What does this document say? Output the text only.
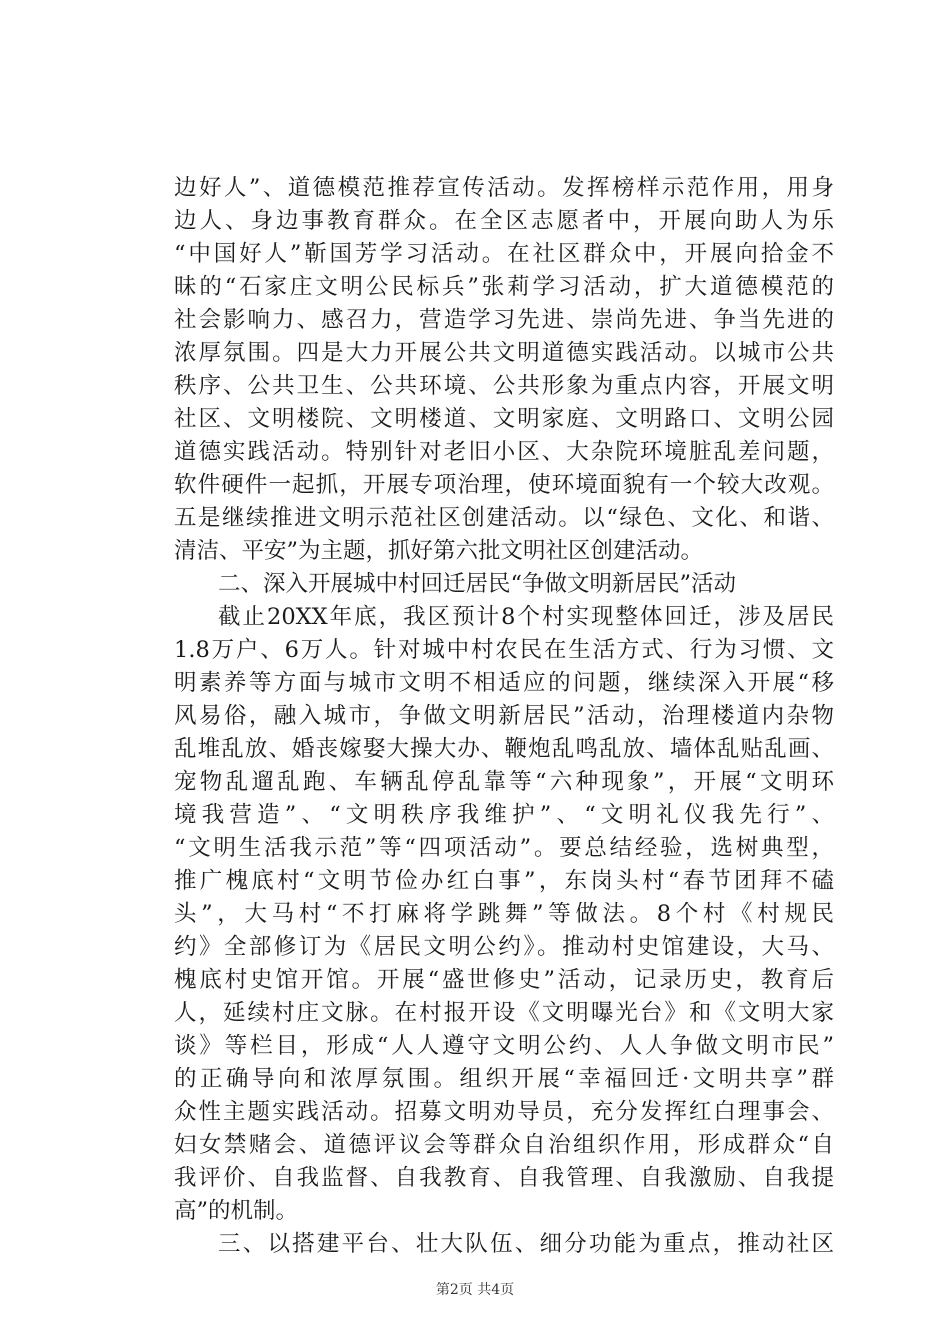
边好人”、道德模范推荐宣传活动。发挥榜样示范作用，用身
边人、身边事教育群众。在全区志愿者中，开展向助人为乐
“中国好人”靳国芳学习活动。在社区群众中，开展向拾金不
昧的“石家庄文明公民标兵”张莉学习活动，扩大道德模范的
社会影响力、感召力，营造学习先进、崇尚先进、争当先进的
浓厚氛围。四是大力开展公共文明道德实践活动。以城市公共
秩序、公共卫生、公共环境、公共形象为重点内容，开展文明
社区、文明楼院、文明楼道、文明家庭、文明路口、文明公园
道德实践活动。特别针对老旧小区、大杂院环境脏乱差问题，
软件硬件一起抓，开展专项治理，使环境面貌有一个较大改观。
五是继续推进文明示范社区创建活动。以“绿色、文化、和谐、
清洁、平安”为主题，抓好第六批文明社区创建活动。
二、深入开展城中村回迁居民“争做文明新居民”活动
截止20XX年底，我区预计8个村实现整体回迁，涉及居民
1.8万户、6万人。针对城中村农民在生活方式、行为习惯、文
明素养等方面与城市文明不相适应的问题，继续深入开展“移
风易俗，融入城市，争做文明新居民”活动，治理楼道内杂物
乱堆乱放、婚丧嫁娶大操大办、鞭炮乱鸣乱放、墙体乱贴乱画、
宠物乱遛乱跑、车辆乱停乱靠等“六种现象”，开展“文明环
境我营造”、“文明秩序我维护”、“文明礼仪我先行”、
“文明生活我示范”等“四项活动”。要总结经验，选树典型，
推广槐底村“文明节俭办红白事”，东岗头村“春节团拜不磕
头”，大马村“不打麻将学跳舞”等做法。8个村《村规民
约》全部修订为《居民文明公约》。推动村史馆建设，大马、
槐底村史馆开馆。开展“盛世修史”活动，记录历史，教育后
人，延续村庄文脉。在村报开设《文明曝光台》和《文明大家
谈》等栏目，形成“人人遵守文明公约、人人争做文明市民”
的正确导向和浓厚氛围。组织开展“幸福回迁·文明共享”群
众性主题实践活动。招募文明劝导员，充分发挥红白理事会、
妇女禁赌会、道德评议会等群众自治组织作用，形成群众“自
我评价、自我监督、自我教育、自我管理、自我激励、自我提
高”的机制。
三、以搭建平台、壮大队伍、细分功能为重点，推动社区
第2页 共4页
